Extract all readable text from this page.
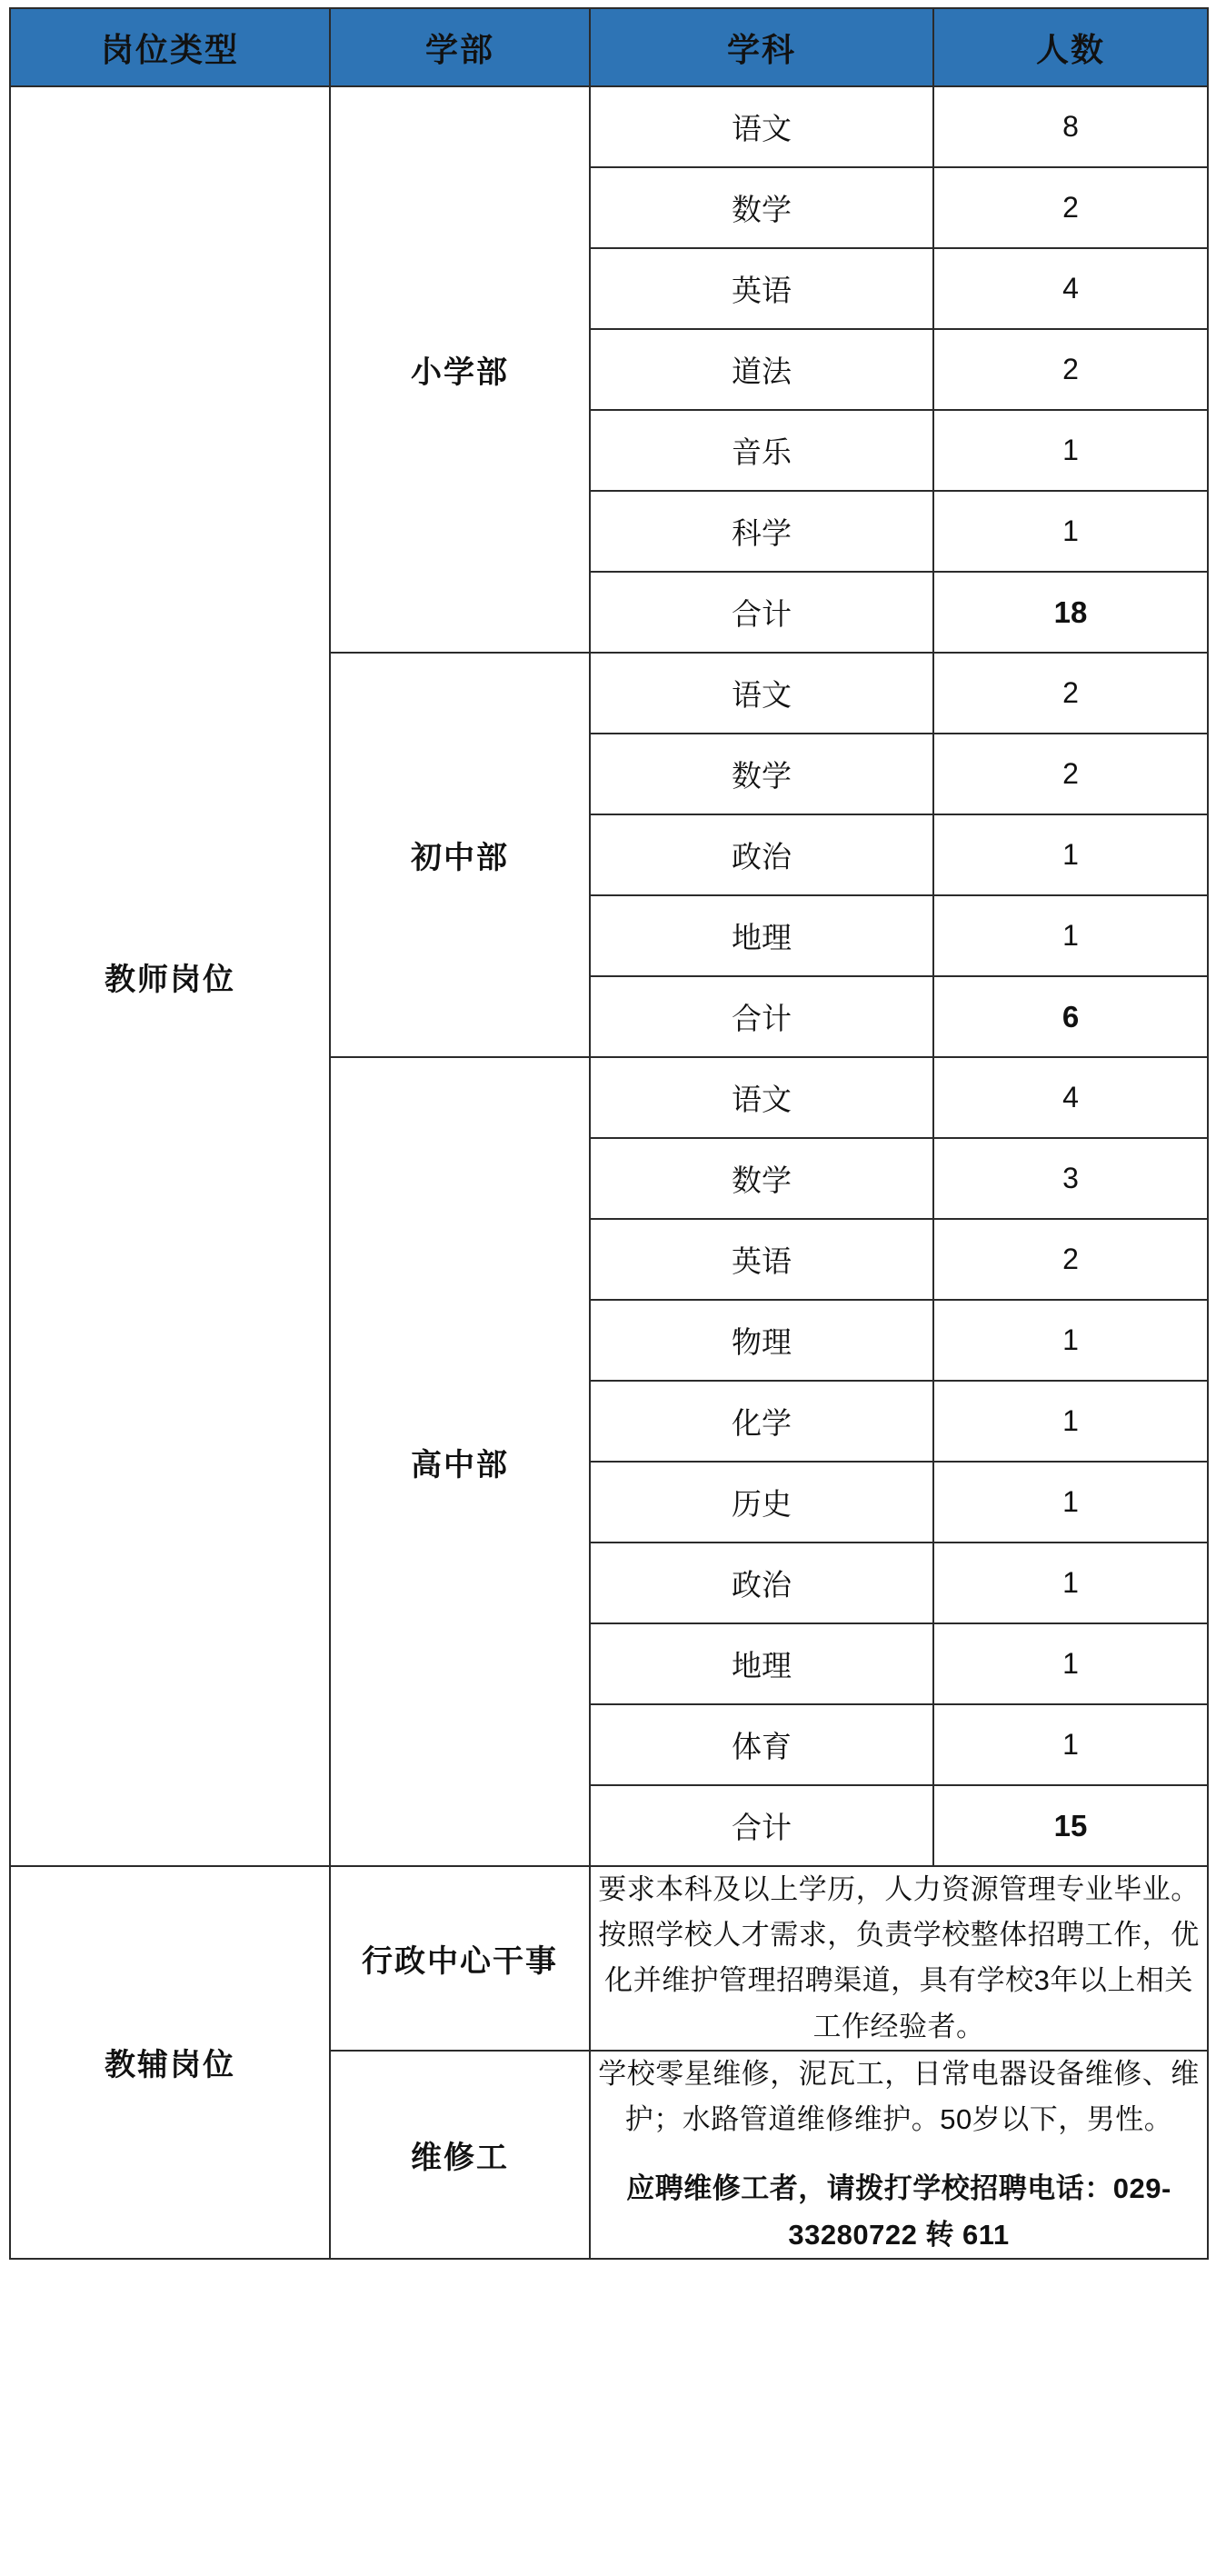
岗位类型	学部	学科	人数
教师岗位	小学部	语文	8
		数学	2
		英语	4
		道法	2
		音乐	1
		科学	1
		合计	18
	初中部	语文	2
		数学	2
		政治	1
		地理	1
		合计	6
	高中部	语文	4
		数学	3
		英语	2
		物理	1
		化学	1
		历史	1
		政治	1
		地理	1
		体育	1
		合计	15
教辅岗位	行政中心干事	要求本科及以上学历，人力资源管理专业毕业。按照学校人才需求，负责学校整体招聘工作，优化并维护管理招聘渠道，具有学校3年以上相关工作经验者。	

	维修工	学校零星维修，泥瓦工，日常电器设备维修、维护；水路管道维修维护。50岁以下，男性。

应聘维修工者，请拨打学校招聘电话：029-33280722 转 611	
